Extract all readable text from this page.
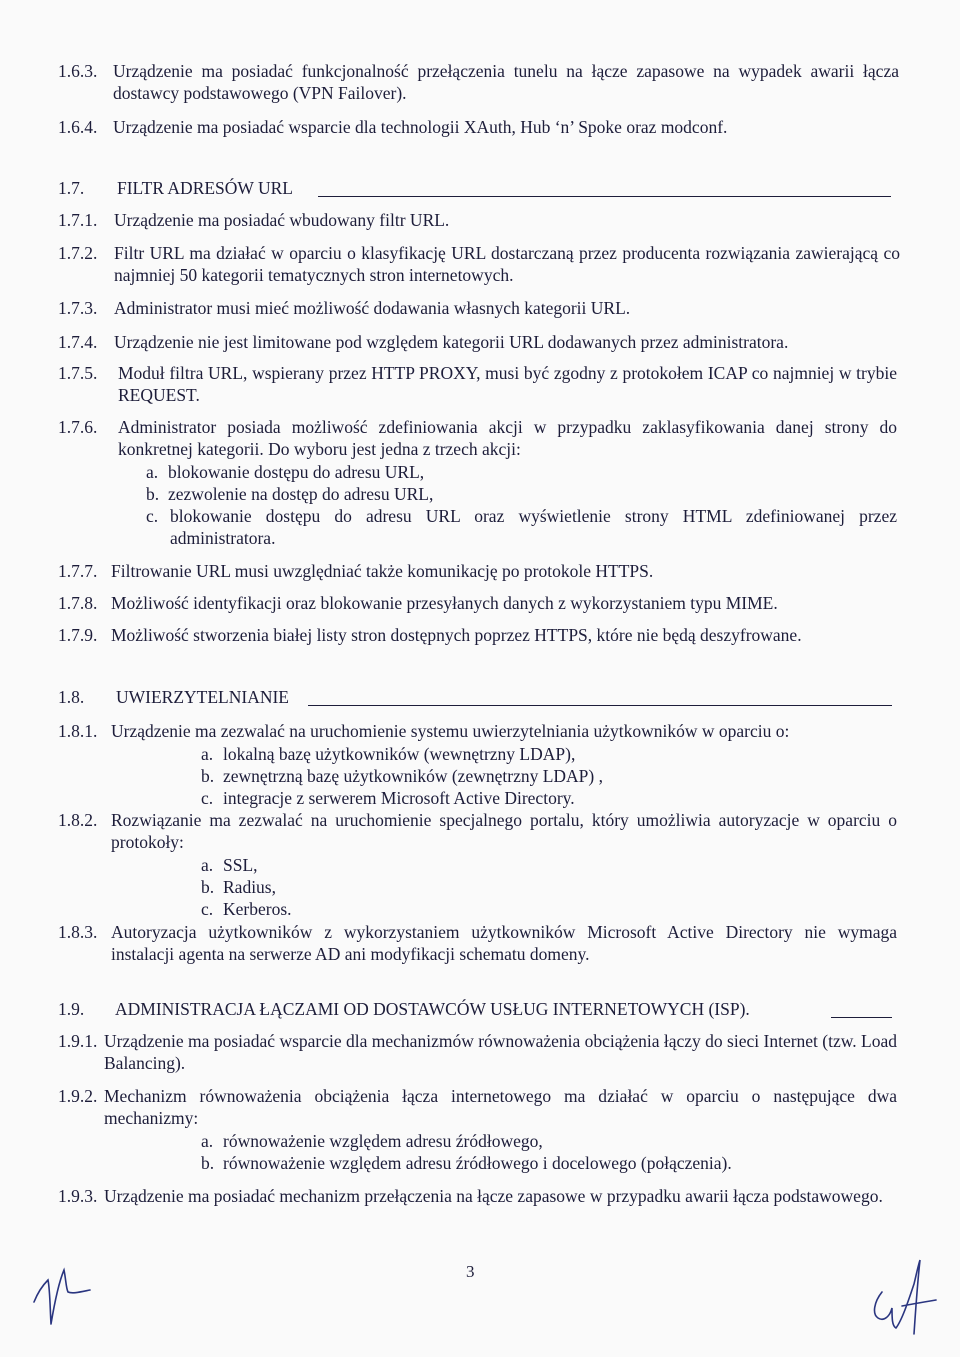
1.6.3. Urządzenie ma posiadać funkcjonalność przełączenia tunelu na łącze zapasowe na wypadek awarii łącza dostawcy podstawowego (VPN Failover).
1.6.4. Urządzenie ma posiadać wsparcie dla technologii XAuth, Hub ‘n’ Spoke oraz modconf.
1.7. FILTR ADRESÓW URL
1.7.1. Urządzenie ma posiadać wbudowany filtr URL.
1.7.2. Filtr URL ma działać w oparciu o klasyfikację URL dostarczaną przez producenta rozwiązania zawierającą co najmniej 50 kategorii tematycznych stron internetowych.
1.7.3. Administrator musi mieć możliwość dodawania własnych kategorii URL.
1.7.4. Urządzenie nie jest limitowane pod względem kategorii URL dodawanych przez administratora.
1.7.5. Moduł filtra URL, wspierany przez HTTP PROXY, musi być zgodny z protokołem ICAP co najmniej w trybie REQUEST.
1.7.6. Administrator posiada możliwość zdefiniowania akcji w przypadku zaklasyfikowania danej strony do konkretnej kategorii. Do wyboru jest jedna z trzech akcji:
a. blokowanie dostępu do adresu URL,
b. zezwolenie na dostęp do adresu URL,
c. blokowanie dostępu do adresu URL oraz wyświetlenie strony HTML zdefiniowanej przez administratora.
1.7.7. Filtrowanie URL musi uwzględniać także komunikację po protokole HTTPS.
1.7.8. Możliwość identyfikacji oraz blokowanie przesyłanych danych z wykorzystaniem typu MIME.
1.7.9. Możliwość stworzenia białej listy stron dostępnych poprzez HTTPS, które nie będą deszyfrowane.
1.8. UWIERZYTELNIANIE
1.8.1. Urządzenie ma zezwalać na uruchomienie systemu uwierzytelniania użytkowników w oparciu o:
a. lokalną bazę użytkowników (wewnętrzny LDAP),
b. zewnętrzną bazę użytkowników (zewnętrzny LDAP) ,
c. integracje z serwerem Microsoft Active Directory.
1.8.2. Rozwiązanie ma zezwalać na uruchomienie specjalnego portalu, który umożliwia autoryzacje w oparciu o protokoły:
a. SSL,
b. Radius,
c. Kerberos.
1.8.3. Autoryzacja użytkowników z wykorzystaniem użytkowników Microsoft Active Directory nie wymaga instalacji agenta na serwerze AD ani modyfikacji schematu domeny.
1.9. ADMINISTRACJA ŁĄCZAMI OD DOSTAWCÓW USŁUG INTERNETOWYCH (ISP).
1.9.1. Urządzenie ma posiadać wsparcie dla mechanizmów równoważenia obciążenia łączy do sieci Internet (tzw. Load Balancing).
1.9.2. Mechanizm równoważenia obciążenia łącza internetowego ma działać w oparciu o następujące dwa mechanizmy:
a. równoważenie względem adresu źródłowego,
b. równoważenie względem adresu źródłowego i docelowego (połączenia).
1.9.3. Urządzenie ma posiadać mechanizm przełączenia na łącze zapasowe w przypadku awarii łącza podstawowego.
3
